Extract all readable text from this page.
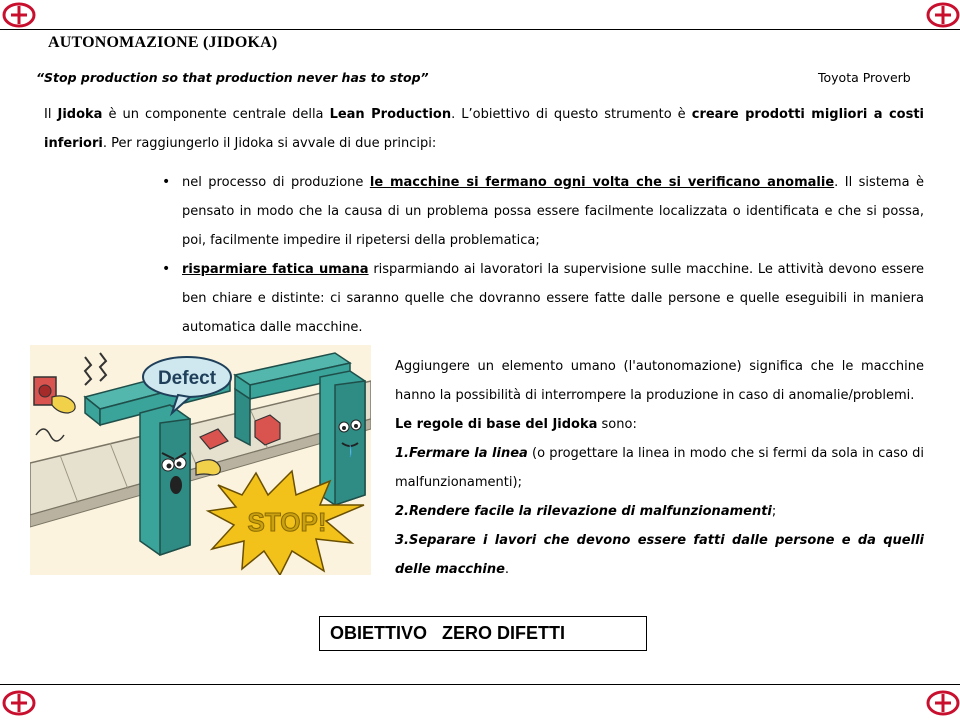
AUTONOMAZIONE (JIDOKA)
“Stop production so that production never has to stop”	Toyota Proverb
Il Jidoka è un componente centrale della Lean Production. L’obiettivo di questo strumento è creare prodotti migliori a costi inferiori. Per raggiungerlo il Jidoka si avvale di due principi:
• nel processo di produzione le macchine si fermano ogni volta che si verificano anomalie. Il sistema è pensato in modo che la causa di un problema possa essere facilmente localizzata o identificata e che si possa, poi, facilmente impedire il ripetersi della problematica;
• risparmiare fatica umana risparmiando ai lavoratori la supervisione sulle macchine. Le attività devono essere ben chiare e distinte: ci saranno quelle che dovranno essere fatte dalle persone e quelle eseguibili in maniera automatica dalle macchine.
Defect
STOP!

Aggiungere un elemento umano (l'autonomazione) significa che le macchine hanno la possibilità di interrompere la produzione in caso di anomalie/problemi.

Le regole di base del Jidoka sono:

1.Fermare la linea (o progettare la linea in modo che si fermi da sola in caso di malfunzionamenti);

2.Rendere facile la rilevazione di malfunzionamenti;

3.Separare i lavori che devono essere fatti dalle persone e da quelli delle macchine.

OBIETTIVO   ZERO DIFETTI
